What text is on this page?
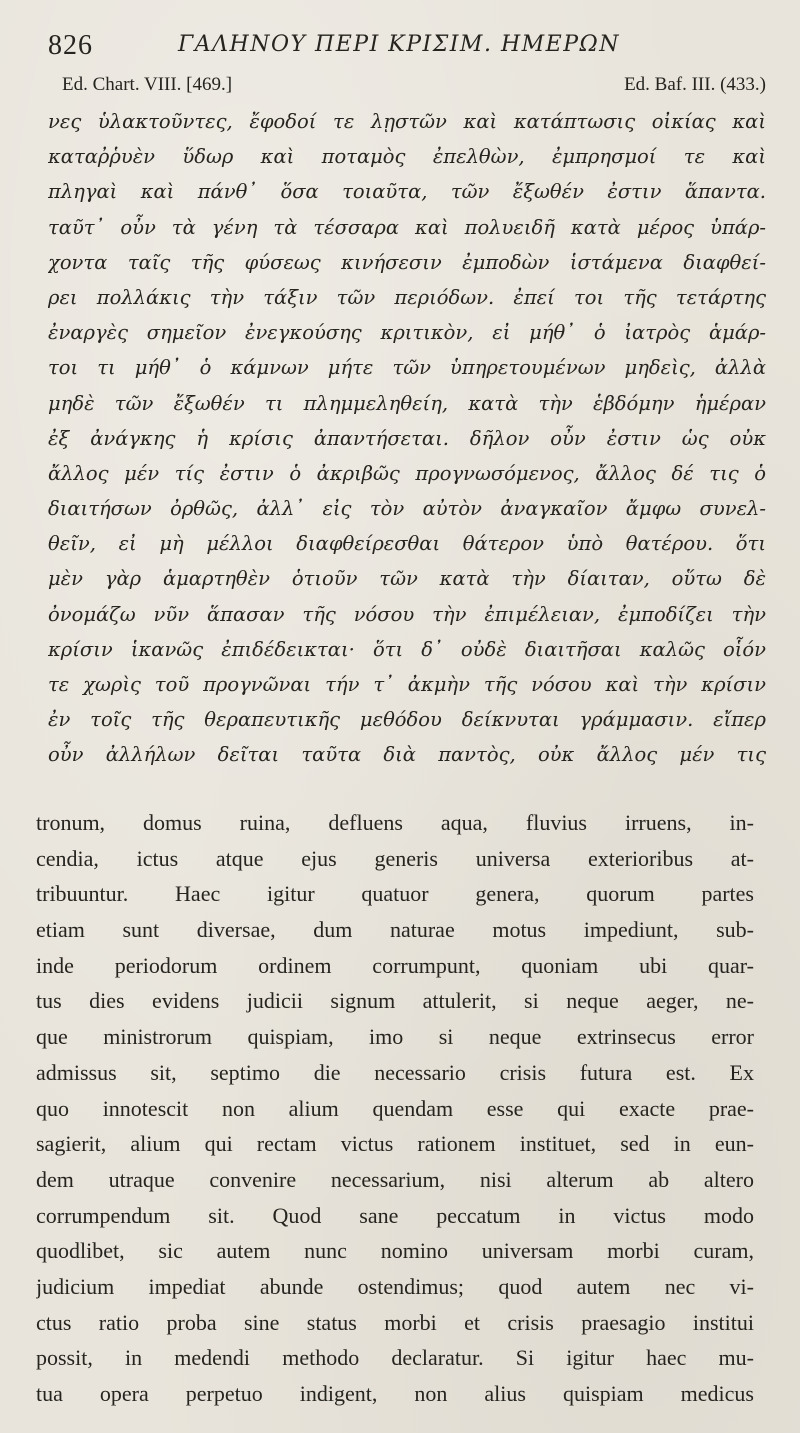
826	ΓΑΛΗΝΟΥ ΠΕΡΙ ΚΡΙΣΙΜ. ΗΜΕΡΩΝ
Ed. Chart. VIII. [469.]	Ed. Baf. III. (433.)
νες ὑλακτοῦντες, ἔφοδοί τε λῃστῶν καὶ κατάπτωσις οἰκίας καὶ
καταῤῥυὲν ὕδωρ καὶ ποταμὸς ἐπελθὼν, ἐμπρησμοί τε καὶ
πληγαὶ καὶ πάνθ᾽ ὅσα τοιαῦτα, τῶν ἔξωθέν ἐστιν ἅπαντα.
ταῦτ᾽ οὖν τὰ γένη τὰ τέσσαρα καὶ πολυειδῆ κατὰ μέρος ὑπάρ-
χοντα ταῖς τῆς φύσεως κινήσεσιν ἐμποδὼν ἱστάμενα διαφθεί-
ρει πολλάκις τὴν τάξιν τῶν περιόδων. ἐπεί τοι τῆς τετάρτης
ἐναργὲς σημεῖον ἐνεγκούσης κριτικὸν, εἰ μήθ᾽ ὁ ἰατρὸς ἁμάρ-
τοι τι μήθ᾽ ὁ κάμνων μήτε τῶν ὑπηρετουμένων μηδεὶς, ἀλλὰ
μηδὲ τῶν ἔξωθέν τι πλημμεληθείη, κατὰ τὴν ἑβδόμην ἡμέραν
ἐξ ἀνάγκης ἡ κρίσις ἀπαντήσεται. δῆλον οὖν ἐστιν ὡς οὐκ
ἄλλος μέν τίς ἐστιν ὁ ἀκριβῶς προγνωσόμενος, ἄλλος δέ τις ὁ
διαιτήσων ὀρθῶς, ἀλλ᾽ εἰς τὸν αὐτὸν ἀναγκαῖον ἄμφω συνελ-
θεῖν, εἰ μὴ μέλλοι διαφθείρεσθαι θάτερον ὑπὸ θατέρου. ὅτι
μὲν γὰρ ἁμαρτηθὲν ὁτιοῦν τῶν κατὰ τὴν δίαιταν, οὕτω δὲ
ὀνομάζω νῦν ἅπασαν τῆς νόσου τὴν ἐπιμέλειαν, ἐμποδίζει τὴν
κρίσιν ἱκανῶς ἐπιδέδεικται· ὅτι δ᾽ οὐδὲ διαιτῆσαι καλῶς οἷόν
τε χωρὶς τοῦ προγνῶναι τήν τ᾽ ἀκμὴν τῆς νόσου καὶ τὴν κρίσιν
ἐν τοῖς τῆς θεραπευτικῆς μεθόδου δείκνυται γράμμασιν. εἴπερ
οὖν ἀλλήλων δεῖται ταῦτα διὰ παντὸς, οὐκ ἄλλος μέν τις
tronum, domus ruina, defluens aqua, fluvius irruens, in-
cendia, ictus atque ejus generis universa exterioribus at-
tribuuntur. Haec igitur quatuor genera, quorum partes
etiam sunt diversae, dum naturae motus impediunt, sub-
inde periodorum ordinem corrumpunt, quoniam ubi quar-
tus dies evidens judicii signum attulerit, si neque aeger, ne-
que ministrorum quispiam, imo si neque extrinsecus error
admissus sit, septimo die necessario crisis futura est. Ex
quo innotescit non alium quendam esse qui exacte prae-
sagierit, alium qui rectam victus rationem instituet, sed in eun-
dem utraque convenire necessarium, nisi alterum ab altero
corrumpendum sit. Quod sane peccatum in victus modo
quodlibet, sic autem nunc nomino universam morbi curam,
judicium impediat abunde ostendimus; quod autem nec vi-
ctus ratio proba sine status morbi et crisis praesagio institui
possit, in medendi methodo declaratur. Si igitur haec mu-
tua opera perpetuo indigent, non alius quispiam medicus
